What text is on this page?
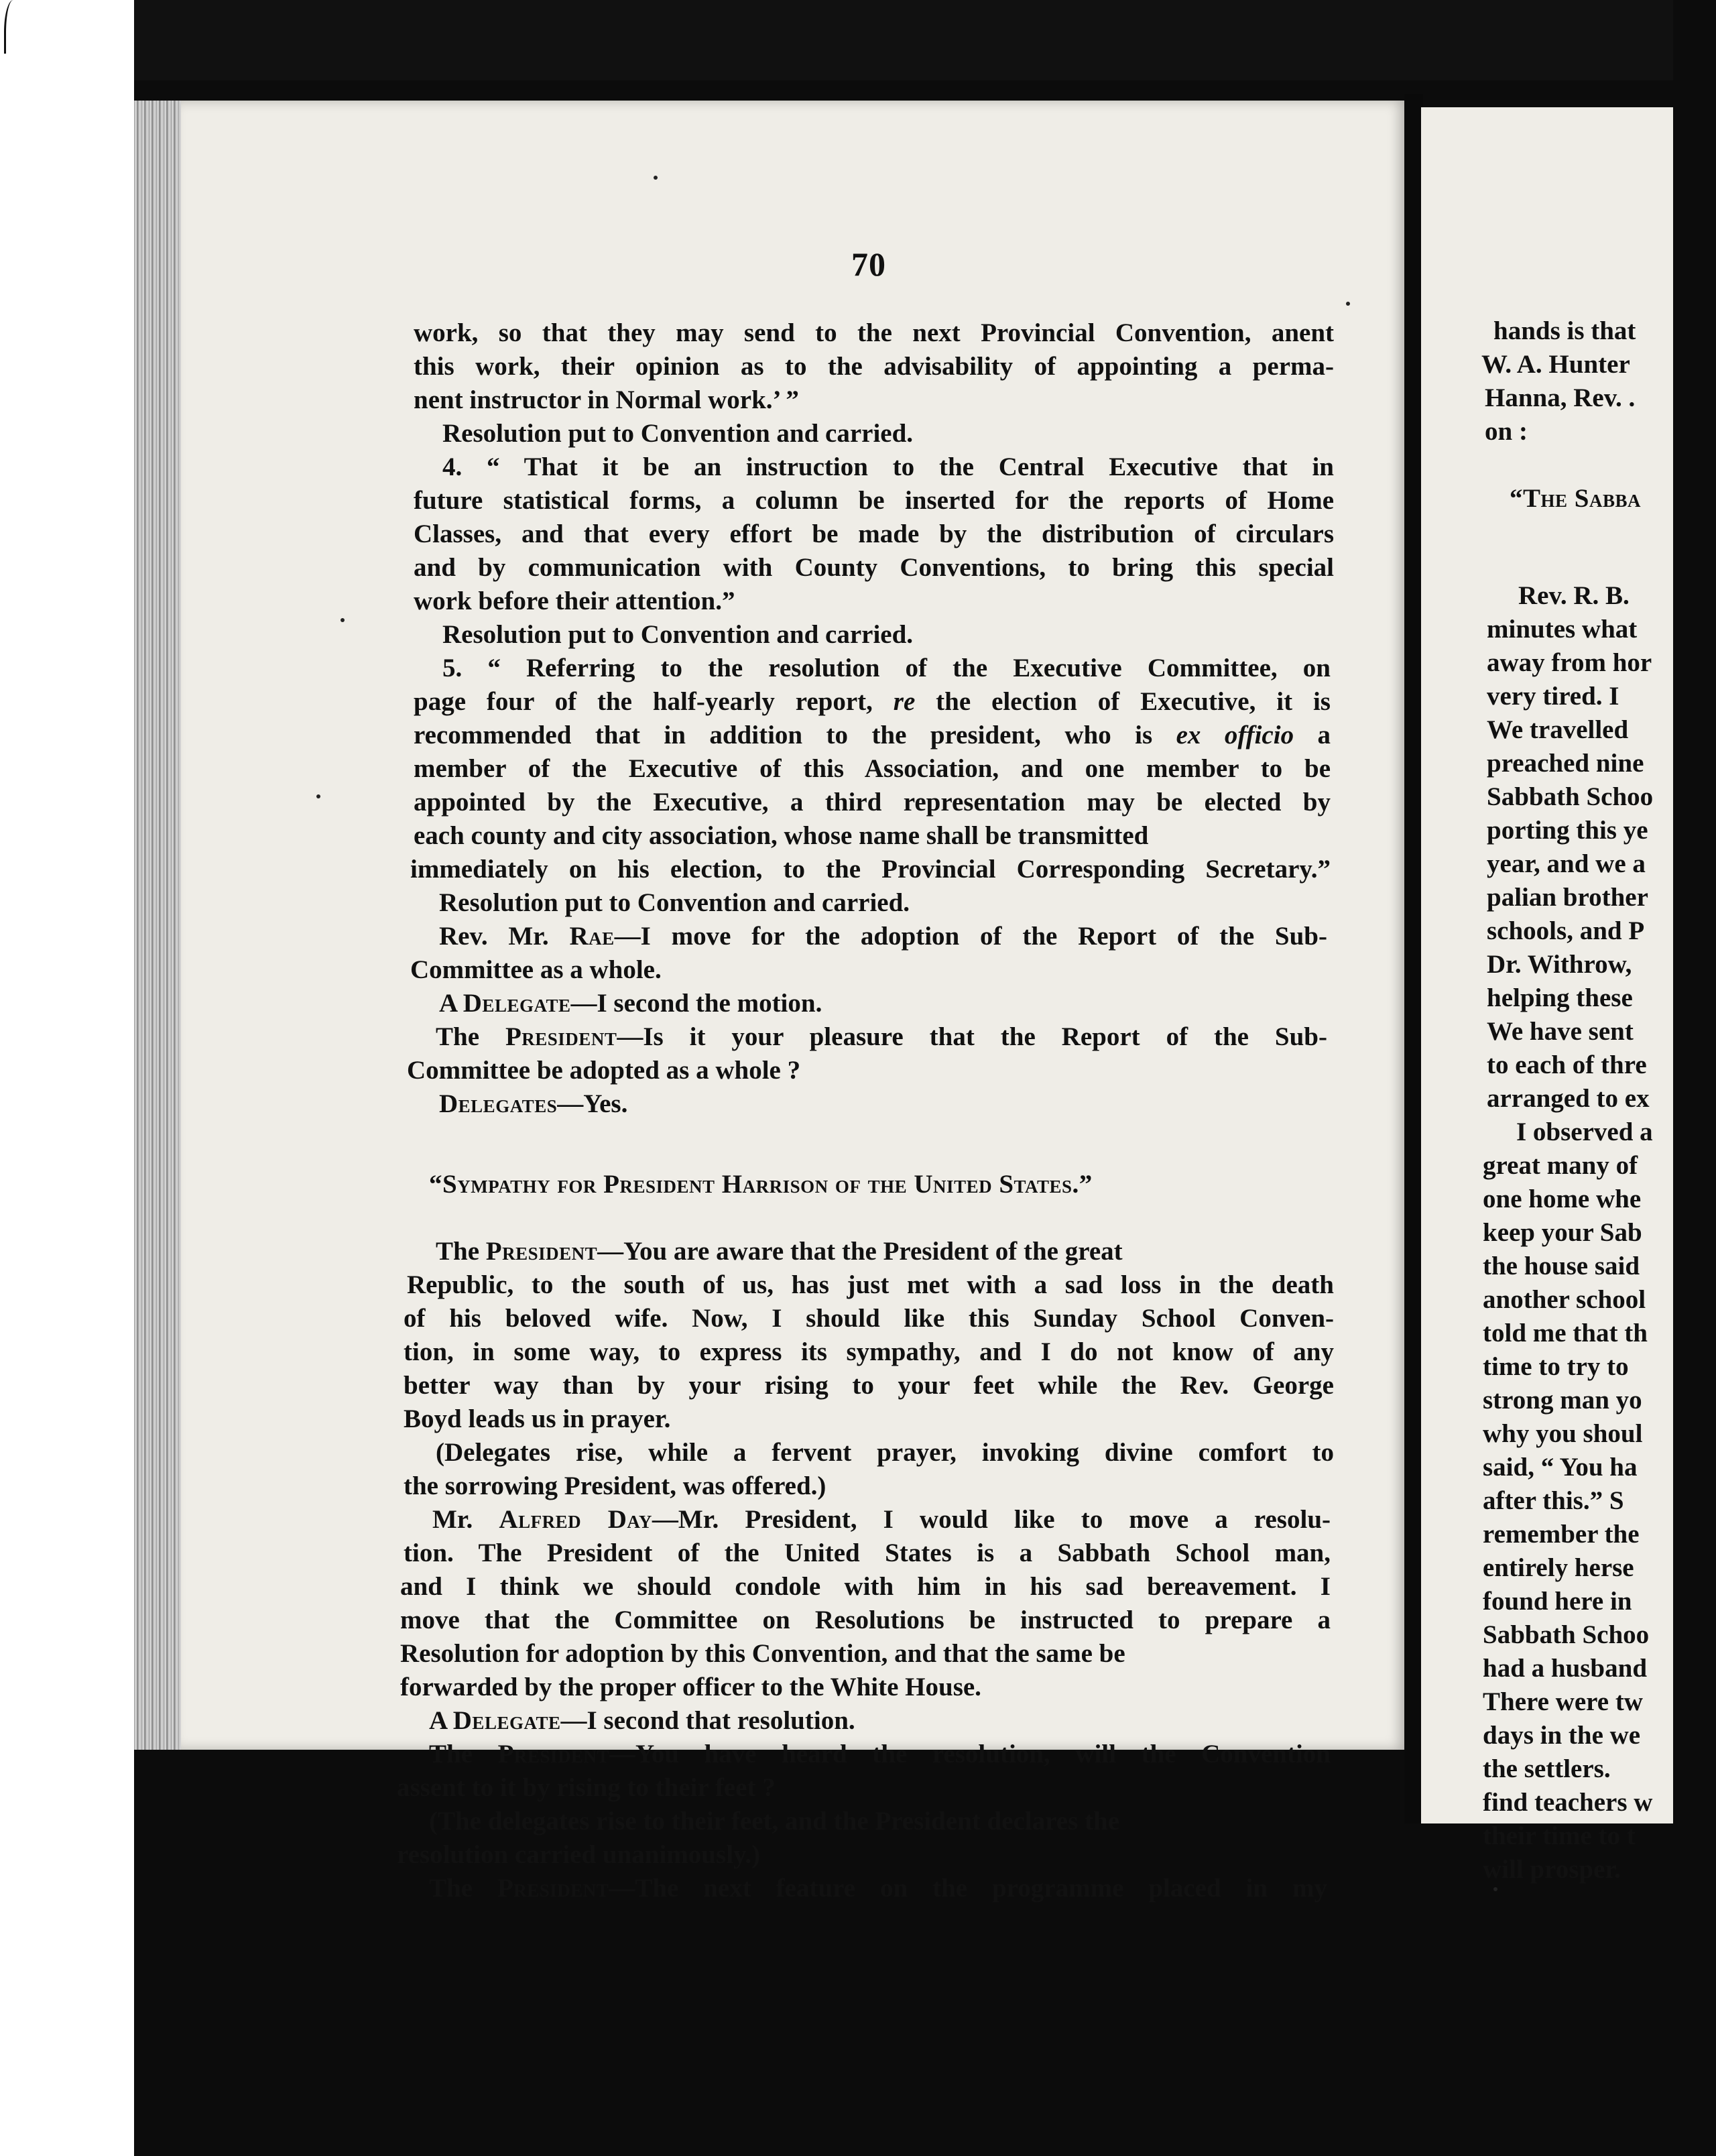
hands is that
W. A. Hunter
Hanna, Rev. .
on :
“The Sabba
Rev. R. B.
minutes what
away from hor
very tired. I
We travelled
preached nine
Sabbath Schoo
porting this ye
year, and we a
palian brother
schools, and P
Dr. Withrow,
helping these
We have sent
to each of thre
arranged to ex
I observed a
great many of
one home whe
keep your Sab
the house said
another school
told me that th
time to try to
strong man yo
why you shoul
said, “ You ha
after this.” S
remember the
entirely herse
found here in
Sabbath Schoo
had a husband
There were tw
days in the we
the settlers.
find teachers w
their time to t
will prosper.
70
work, so that they may send to the next Provincial Convention, anent
this work, their opinion as to the advisability of appointing a perma-
nent instructor in Normal work.’ ”
Resolution put to Convention and carried.
4. “ That it be an instruction to the Central Executive that in
future statistical forms, a column be inserted for the reports of Home
Classes, and that every effort be made by the distribution of circulars
and by communication with County Conventions, to bring this special
work before their attention.”
Resolution put to Convention and carried.
5. “ Referring to the resolution of the Executive Committee, on
page four of the half-yearly report, re the election of Executive, it is
recommended that in addition to the president, who is ex officio a
member of the Executive of this Association, and one member to be
appointed by the Executive, a third representation may be elected by
each county and city association, whose name shall be transmitted
immediately on his election, to the Provincial Corresponding Secretary.”
Resolution put to Convention and carried.
Rev. Mr. Rae—I move for the adoption of the Report of the Sub-
Committee as a whole.
A Delegate—I second the motion.
The President—Is it your pleasure that the Report of the Sub-
Committee be adopted as a whole ?
Delegates—Yes.
“Sympathy for President Harrison of the United States.”
The President—You are aware that the President of the great
Republic, to the south of us, has just met with a sad loss in the death
of his beloved wife. Now, I should like this Sunday School Conven-
tion, in some way, to express its sympathy, and I do not know of any
better way than by your rising to your feet while the Rev. George
Boyd leads us in prayer.
(Delegates rise, while a fervent prayer, invoking divine comfort to
the sorrowing President, was offered.)
Mr. Alfred Day—Mr. President, I would like to move a resolu-
tion. The President of the United States is a Sabbath School man,
and I think we should condole with him in his sad bereavement. I
move that the Committee on Resolutions be instructed to prepare a
Resolution for adoption by this Convention, and that the same be
forwarded by the proper officer to the White House.
A Delegate—I second that resolution.
The President—You have heard the resolution, will the Convention
assent to it by rising to their feet ?
(The delegates rise to their feet, and the President declares the
resolution carried unanimously.)
The President—The next feature on the programme placed in my
